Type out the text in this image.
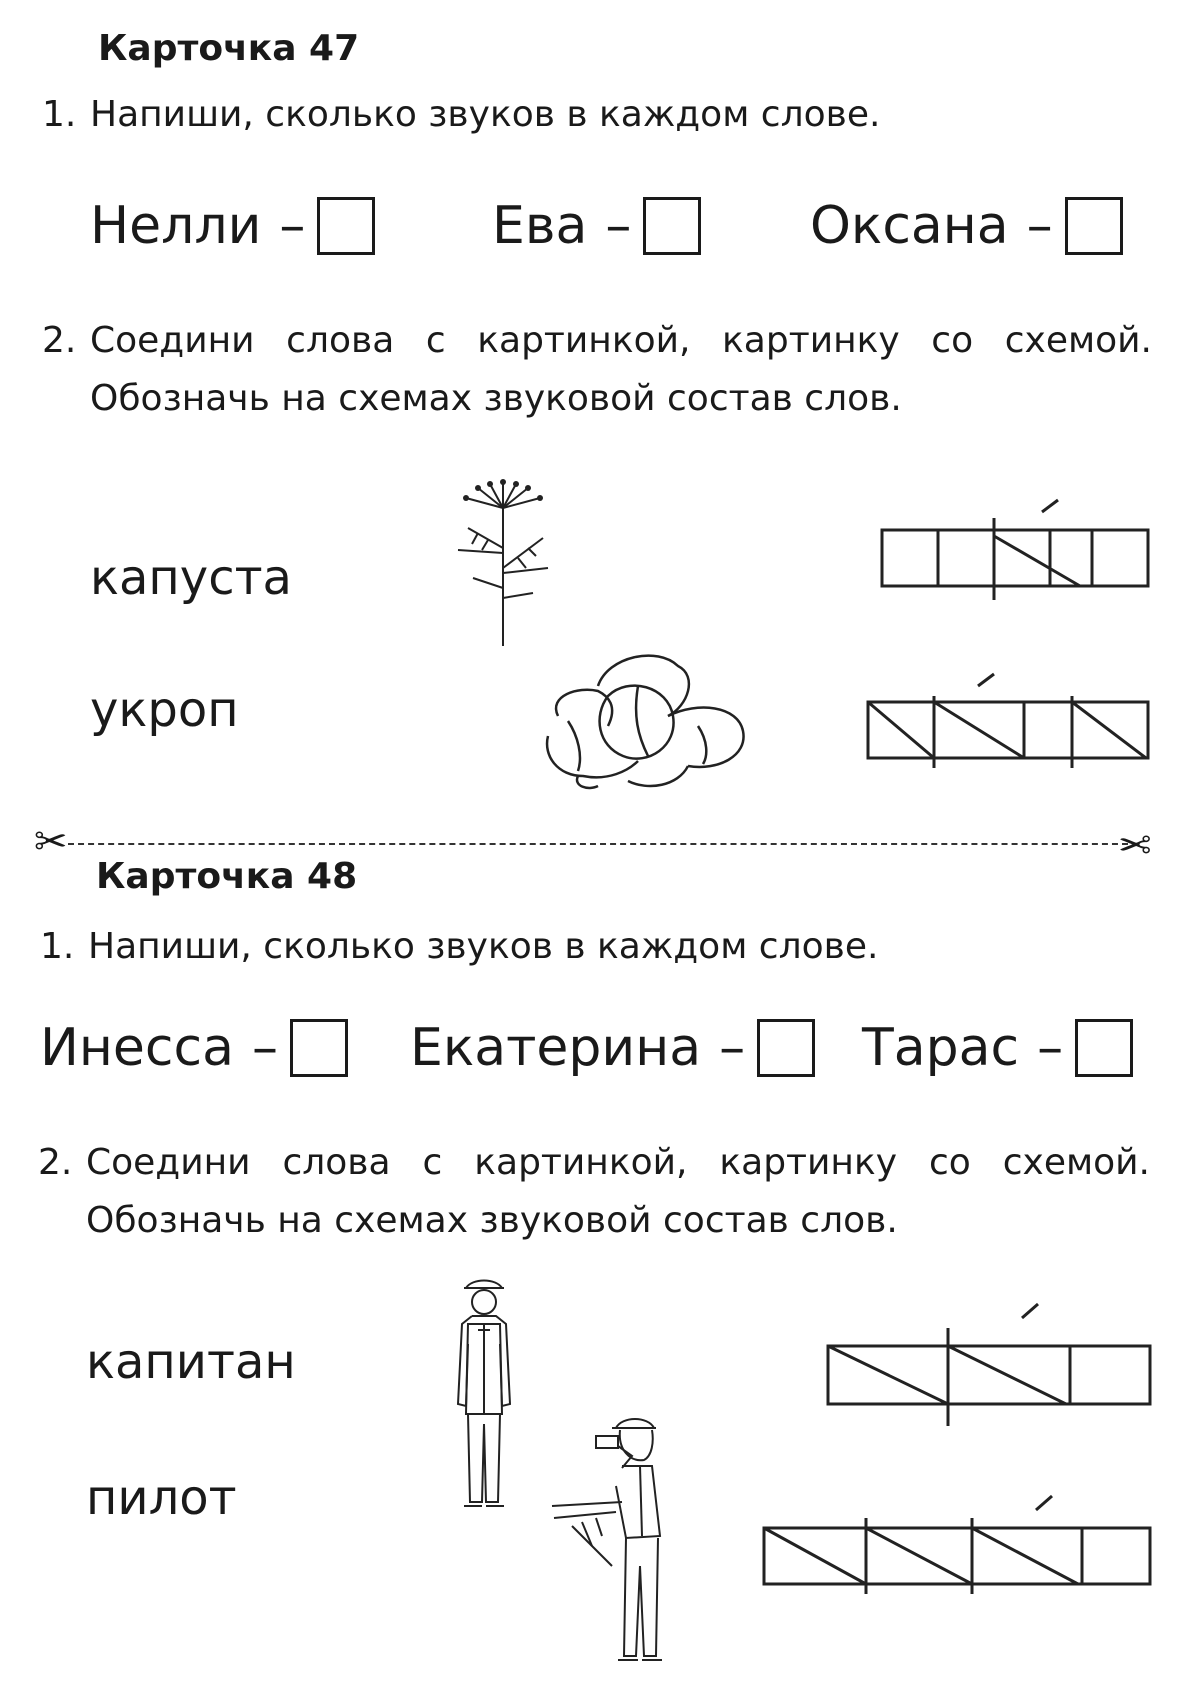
Карточка 47
1. Напиши, сколько звуков в каждом слове.
Нелли –	Ева –	Оксана –
2. Соедини слова с картинкой, картинку со схемой.
Обозначь на схемах звуковой состав слов.
капуста
укроп
✂	✂
Карточка 48
1. Напиши, сколько звуков в каждом слове.
Инесса –	Екатерина – Тарас –
2. Соедини слова с картинкой, картинку со схемой.
Обозначь на схемах звуковой состав слов.
капитан
пилот
